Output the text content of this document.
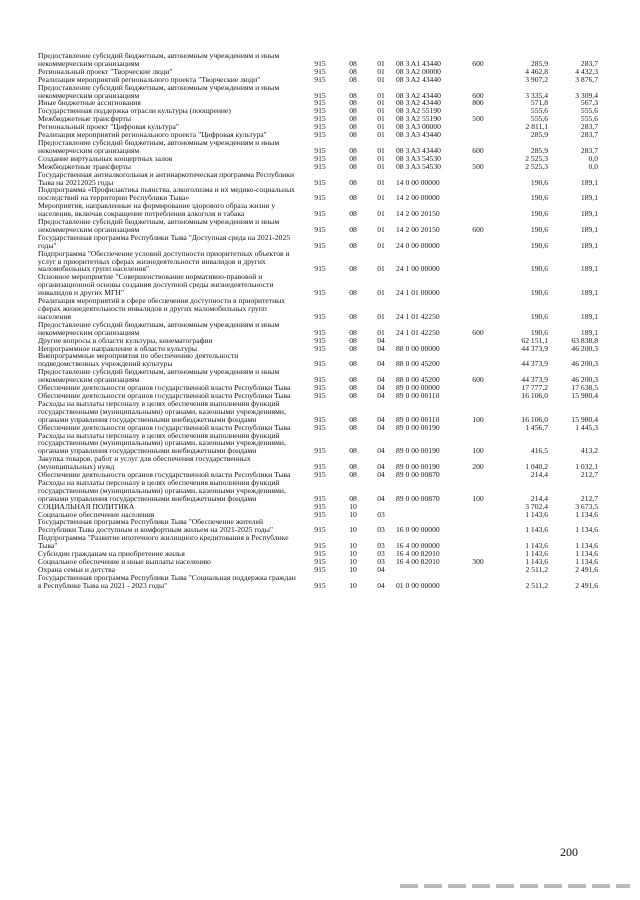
Предоставление субсидий бюджетным, автономным учреждениям и иным некоммерческим организациям	915	08	01	08 3 A1 43440	600	285,9	283,7
Региональный проект "Творческие люди"	915	08	01	08 3 A2 00000		4 462,8	4 432,3
Реализация мероприятий регионального проекта "Творческие люди"	915	08	01	08 3 A2 43440		3 907,2	3 876,7
Предоставление субсидий бюджетным, автономным учреждениям и иным некоммерческим организациям	915	08	01	08 3 A2 43440	600	3 335,4	3 309,4
Иные бюджетные ассигнования	915	08	01	08 3 A2 43440	800	571,8	567,3
Государственная поддержка отрасли культуры (поощрение)	915	08	01	08 3 A2 55190		555,6	555,6
Межбюджетные трансферты	915	08	01	08 3 A2 55190	500	555,6	555,6
Региональный проект "Цифровая культура"	915	08	01	08 3 A3 00000		2 811,1	283,7
Реализация мероприятий регионального проекта "Цифровая культура"	915	08	01	08 3 A3 43440		285,9	283,7
Предоставление субсидий бюджетным, автономным учреждениям и иным некоммерческим организациям	915	08	01	08 3 A3 43440	600	285,9	283,7
Создание виртуальных концертных залов	915	08	01	08 3 A3 54530		2 525,3	0,0
Межбюджетные трансферты	915	08	01	08 3 A3 54530	500	2 525,3	0,0
Государственная антиалкогольная и антинаркотическая программа Республики Тыва на 20212025 годы	915	08	01	14 0 00 00000		190,6	189,1
Подпрограмма «Профилактика пьянства, алкоголизма и их медико-социальных последствий на территории Республики Тыва»	915	08	01	14 2 00 00000		190,6	189,1
Мероприятия, направленные на формирование здорового образа жизни у населения, включая сокращение потребления алкоголя и табака	915	08	01	14 2 00 20150		190,6	189,1
Предоставление субсидий бюджетным, автономным учреждениям и иным некоммерческим организациям	915	08	01	14 2 00 20150	600	190,6	189,1
Государственная программа Республики Тыва "Доступная среда на 2021-2025 годы"	915	08	01	24 0 00 00000		190,6	189,1
Подпрограмма "Обеспечение условий доступности приоритетных объектов и услуг в приоритетных сферах жизнедеятельности инвалидов и других маломобильных групп населения"	915	08	01	24 1 00 00000		190,6	189,1
Основное мероприятие "Совершенствование нормативно-правовой и организационной основы создания доступной среды жизнедеятельности инвалидов и других МГН"	915	08	01	24 1 01 00000		190,6	189,1
Реализация мероприятий в сфере обеспечения доступности в приоритетных сферах жизнедеятельности инвалидов и других маломобильных групп населения	915	08	01	24 1 01 42250		190,6	189,1
Предоставление субсидий бюджетным, автономным учреждениям и иным некоммерческим организациям	915	08	01	24 1 01 42250	600	190,6	189,1
Другие вопросы в области культуры, кинематографии	915	08	04			62 151,1	63 838,8
Непрограммное направление в области культуры	915	08	04	88 0 00 00000		44 373,9	46 200,3
Внепрограммные мероприятия по обеспечению деятельности подведомственных учреждений культуры	915	08	04	88 0 00 45200		44 373,9	46 200,3
Предоставление субсидий бюджетным, автономным учреждениям и иным некоммерческим организациям	915	08	04	88 0 00 45200	600	44 373,9	46 200,3
Обеспечение деятельности органов государственной власти Республики Тыва	915	08	04	89 0 00 00000		17 777,2	17 638,5
Обеспечение деятельности органов государственной власти Республики Тыва	915	08	04	89 0 00 00110		16 106,0	15 980,4
Расходы на выплаты персоналу в целях обеспечения выполнения функций государственными (муниципальными) органами, казенными учреждениями, органами управления государственными внебюджетными фондами	915	08	04	89 0 00 00110	100	16 106,0	15 980,4
Обеспечение деятельности органов государственной власти Республики Тыва	915	08	04	89 0 00 00190		1 456,7	1 445,3
Расходы на выплаты персоналу в целях обеспечения выполнения функций государственными (муниципальными) органами, казенными учреждениями, органами управления государственными внебюджетными фондами	915	08	04	89 0 00 00190	100	416,5	413,2
Закупка товаров, работ и услуг для обеспечения государственных (муниципальных) нужд	915	08	04	89 0 00 00190	200	1 040,2	1 032,1
Обеспечение деятельности органов государственной власти Республики Тыва	915	08	04	89 0 00 00870		214,4	212,7
Расходы на выплаты персоналу в целях обеспечения выполнения функций государственными (муниципальными) органами, казенными учреждениями, органами управления государственными внебюджетными фондами	915	08	04	89 0 00 00870	100	214,4	212,7
СОЦИАЛЬНАЯ ПОЛИТИКА	915	10				3 702,4	3 673,5
Социальное обеспечение населения	915	10	03			1 143,6	1 134,6
Государственная программа Республики Тыва "Обеспечение жителей Республики Тыва доступным и комфортным жильем на 2021-2025 годы"	915	10	03	16 0 00 00000		1 143,6	1 134,6
Подпрограмма "Развитие ипотечного жилищного кредитования в Республике Тыва"	915	10	03	16 4 00 00000		1 143,6	1 134,6
Субсидии гражданам на приобретение жилья	915	10	03	16 4 00 82010		1 143,6	1 134,6
Социальное обеспечение и иные выплаты населению	915	10	03	16 4 00 82010	300	1 143,6	1 134,6
Охрана семьи и детства	915	10	04			2 511,2	2 491,6
Государственная программа Республики Тыва "Социальная поддержка граждан в Республике Тыва на 2021 - 2023 годы"	915	10	04	01 0 00 00000		2 511,2	2 491,6
200
